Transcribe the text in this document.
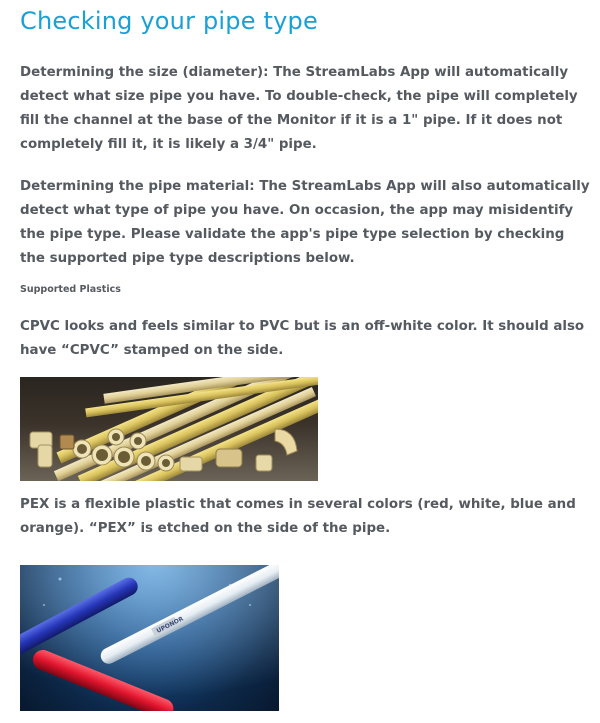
Checking your pipe type

Determining the size (diameter): The StreamLabs App will automatically detect what size pipe you have. To double-check, the pipe will completely fill the channel at the base of the Monitor if it is a 1" pipe. If it does not completely fill it, it is likely a 3/4" pipe.

Determining the pipe material: The StreamLabs App will also automatically detect what type of pipe you have. On occasion, the app may misidentify the pipe type. Please validate the app's pipe type selection by checking the supported pipe type descriptions below.

Supported Plastics

CPVC looks and feels similar to PVC but is an off-white color. It should also have “CPVC” stamped on the side.

PEX is a flexible plastic that comes in several colors (red, white, blue and orange). “PEX” is etched on the side of the pipe.

UPONOR
